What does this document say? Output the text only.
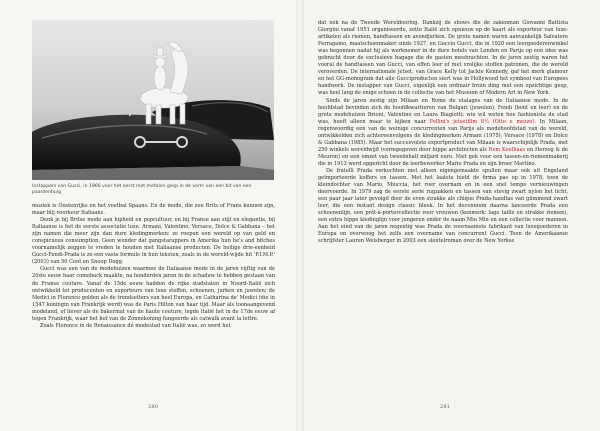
Instappers van Gucci, in 1966 voor het eerst met metalen gesp in de vorm van een bit van een paardenhuig

muziek is Oostenrijks en het voetbal Spaans. En de mode, die zou Brits of Frans kunnen zijn, maar blij voorkeur Italiaans.

Denk je bij Britse mode aan hipheid en popcultuur, en bij Franse aan stijl en elegantie, bij Italiaanse is het de eerste associatie luxe. Armani, Valentino, Versace, Dolce & Gabbana – het zijn namen die meer zijn dan dure kledingmerken: ze roepen een wereld op van geld en conspicuous consumption. Geen wonder dat gangstarappers in Amerika hun he's and bitches voornamelijk zeggen te vreden te houden met Italiaanse producten. De heilige drie-eenheid Gucci-Fendi-Prada is zo een vaste formule in hun teksten, zoals in de wereld-wijde hit 'P.I.M.P.' (2003) van 50 Cent en Snoop Dogg.

Gucci was een van de modehuizen waarmee de Italiaanse mode in de jaren vijftig van de 20ste eeuw haar comeback maakte, na honderden jaren in de schaduw te hebben gestaan van de Franse couture. Vanaf de 15de eeuw hadden de rijke stadstaten in Noord-Italië zich ontwikkeld tot producenten en exporteurs van luxe stoffen, schoenen, jurken en juwelen; de Medici in Florence golden als de trendsetters van heel Europa, en Catharina de' Medici (die in 1547 koningin van Frankrijk werd) was de Paris Hilton van haar tijd. Maar als toonaangevend modeland, of liever als de bakermat van de haute couture, legde Italië het in de 17de eeuw af tegen Frankrijk, waar het hof van de Zonnekoning fungeerde als catwalk avant la lettre.

Zoals Florence in de Renaissance dé modestad van Italië was, zo werd het

280

dat ook na de Tweede Wereldoorlog. Dankzij de shows die de zakenman Giovanni Battista Giorgini vanaf 1951 organiseerde, zette Italië zich opnieuw op de kaart als exporteur van luxe-artikelen als riemen, handtassen en avondjurken. De grote namen waren aanvankelijk Salvatore Ferragamo, maatschoenmaker sinds 1927, en Guccio Gucci, die in 1920 een leergoederenwinkel was begonnen nadat hij als werknemer in de dure hotels van Londen en Parijs op een idee was gebracht door de exclusieve bagage die de gasten meebrachten. In de jaren zestig waren het vooral de handtassen van Gucci, van effen leer of met vrolijke stoffen patronen, die de wereld veroverden. De internationale jetset, van Grace Kelly tot Jackie Kennedy, gaf het merk glamour en het GG-monogram dat alle Gucciproducten siert was in Hollywood het symbool van Europees handwerk. De instapper van Gucci, eigenlijk een ordinair bruin ding met een opzichtige gesp, was heel lang de enige schoen in de collectie van het Museum of Modern Art in New York.

Sinds de jaren zestig zijn Milaan en Rome de etalages van de Italiaanse mode. In de hoofdstad bevinden zich de hoofdkwartieren van Bulgari (juwelen), Fendi (bont en leer) en de grote modehuizen Brioni, Valentino en Laura Biagiotti; wie wil weten hoe fashionista de stad was, hoeft alleen maar te kijken naar Fellini's jetsetfilm 8½ (Otto e mezzo). In Milaan, regenwoordig een van de weinige concurrenten van Parijs als modehoofdstad van de wereld, ontwikkelden zich achtereenvolgens de kledingmerken Armani (1975), Versace (1978) en Dolce & Gabbana (1985). Maar het succesvolste exportproduct van Milaan is waarschijnlijk Prada, met 250 winkels wereldwijd (vormgegeven door hippe architecten als Rem Koolhaas en Herzog & de Meuron) en een omzet van tweeënhalf miljard euro. Niet gek voor een tassen-en-riemenmakerij die in 1913 werd opgericht door de leerbewerker Mario Prada en zijn broer Martino.

De fratelli Prada verkochten niet alleen eigengemaakte spullen maar ook uit Engeland geïmporteerde koffers en tassen. Met het laatste hield de firma pas op in 1978, toen de kleindochter van Mario, Miuccia, het roer overnam en in een snel tempo vernieuwingen doorvoerde. In 1979 zag de eerste serie rugzakken en tassen van stevig zwart nylon het licht, een paar jaar later gevolgd door de even strakke als chique Prada-handtas van glimmend zwart leer, die een instant design classic bleek. In het decennium daarna lanceerde Prada een schoenenlijn, een prêt-à-portercollectie voor vrouwen (kenmerk: lage taille en strakke riemen), een extra hippe kledinglijn voor jongeren onder de naam Miu Miu en een collectie voor mannen. Aan het eind van de jaren negentig was Prada de voornaamste fabrikant van luxegoederen in Europa en overwoog het zelfs een overname van concurrent Gucci. Toen de Amerikaanse schrijfster Lauren Weisberger in 2003 een sleutelroman over de New Yorkse

281
